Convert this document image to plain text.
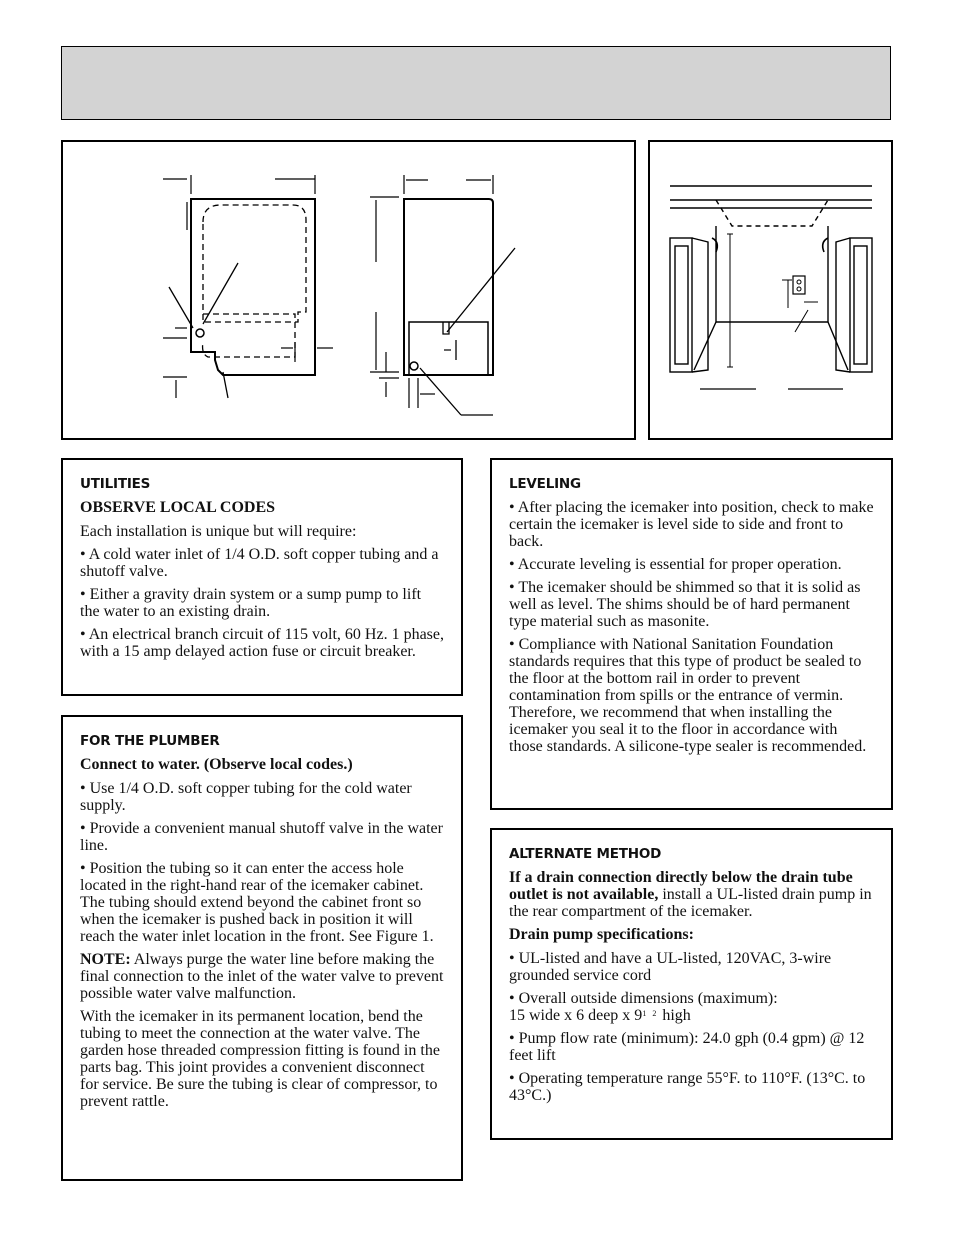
UTILITIES

OBSERVE LOCAL CODES

Each installation is unique but will require:

• A cold water inlet of 1/4 O.D. soft copper tubing and a shutoff valve.

• Either a gravity drain system or a sump pump to lift the water to an existing drain.

• An electrical branch circuit of 115 volt, 60 Hz. 1 phase, with a 15 amp delayed action fuse or circuit breaker.

FOR THE PLUMBER

Connect to water. (Observe local codes.)

• Use 1/4 O.D. soft copper tubing for the cold water supply.

• Provide a convenient manual shutoff valve in the water line.

• Position the tubing so it can enter the access hole located in the right-hand rear of the icemaker cabinet. The tubing should extend beyond the cabinet front so when the icemaker is pushed back in position it will reach the water inlet location in the front. See Figure 1.

NOTE: Always purge the water line before making the final connection to the inlet of the water valve to prevent possible water valve malfunction.

With the icemaker in its permanent location, bend the tubing to meet the connection at the water valve. The garden hose threaded compression fitting is found in the parts bag. This joint provides a convenient disconnect for service. Be sure the tubing is clear of compressor, to prevent rattle.

LEVELING

• After placing the icemaker into position, check to make certain the icemaker is level side to side and front to back.

• Accurate leveling is essential for proper operation.

• The icemaker should be shimmed so that it is solid as well as level. The shims should be of hard permanent type material such as masonite.

• Compliance with National Sanitation Foundation standards requires that this type of product be sealed to the floor at the bottom rail in order to prevent contamination from spills or the entrance of vermin. Therefore, we recommend that when installing the icemaker you seal it to the floor in accordance with those standards. A silicone-type sealer is recommended.

ALTERNATE METHOD

If a drain connection directly below the drain tube outlet is not available, install a UL-listed drain pump in the rear compartment of the icemaker.

Drain pump specifications:

• UL-listed and have a UL-listed, 120VAC, 3-wire grounded service cord

• Overall outside dimensions (maximum):
15 wide x 6 deep x $9^{1 2}$ high

• Pump flow rate (minimum): 24.0 gph (0.4 gpm) @ 12 feet lift

• Operating temperature range 55°F. to 110°F. (13°C. to 43°C.)
